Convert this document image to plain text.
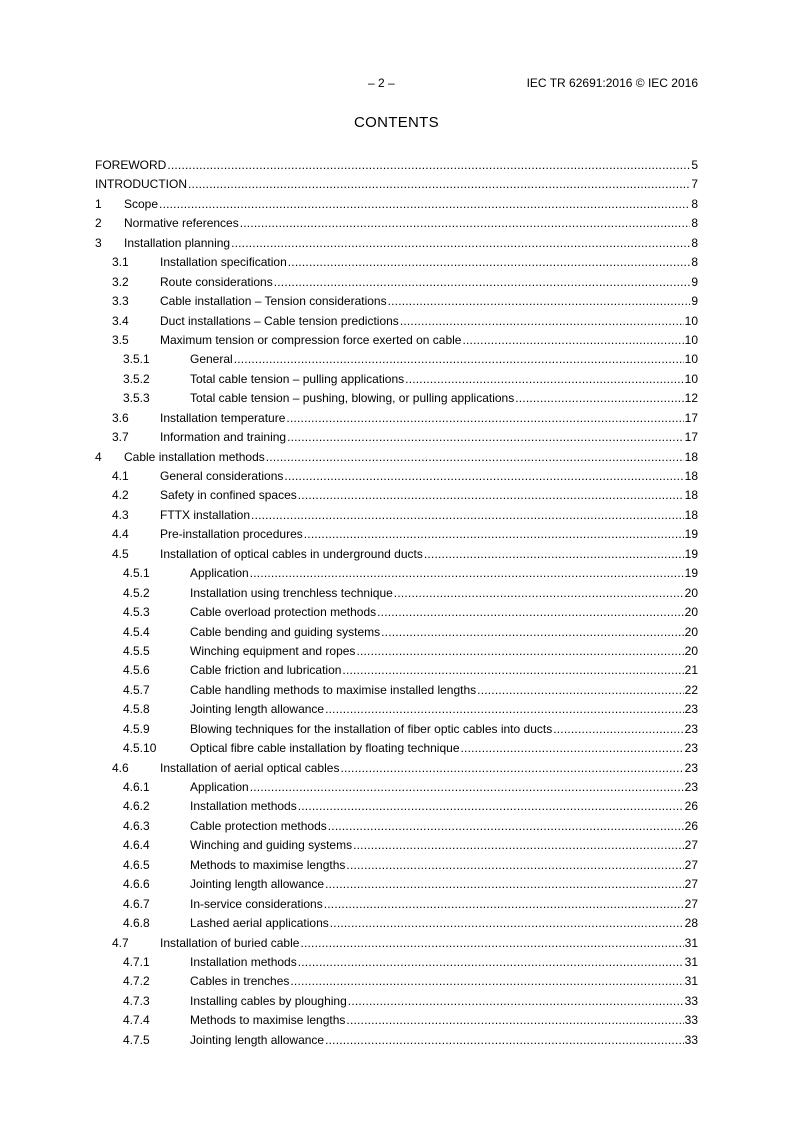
– 2 –	IEC TR 62691:2016 © IEC 2016
CONTENTS
FOREWORD .....	5
INTRODUCTION .....	7
1	Scope .....	8
2	Normative references .....	8
3	Installation planning .....	8
3.1	Installation specification .....	8
3.2	Route considerations .....	9
3.3	Cable installation – Tension considerations .....	9
3.4	Duct installations – Cable tension predictions .....	10
3.5	Maximum tension or compression force exerted on cable .....	10
3.5.1	General .....	10
3.5.2	Total cable tension – pulling applications .....	10
3.5.3	Total cable tension – pushing, blowing, or pulling applications .....	12
3.6	Installation temperature .....	17
3.7	Information and training .....	17
4	Cable installation methods .....	18
4.1	General considerations .....	18
4.2	Safety in confined spaces .....	18
4.3	FTTX installation .....	18
4.4	Pre-installation procedures .....	19
4.5	Installation of optical cables in underground ducts .....	19
4.5.1	Application .....	19
4.5.2	Installation using trenchless technique .....	20
4.5.3	Cable overload protection methods .....	20
4.5.4	Cable bending and guiding systems .....	20
4.5.5	Winching equipment and ropes .....	20
4.5.6	Cable friction and lubrication .....	21
4.5.7	Cable handling methods to maximise installed lengths .....	22
4.5.8	Jointing length allowance .....	23
4.5.9	Blowing techniques for the installation of fiber optic cables into ducts .....	23
4.5.10	Optical fibre cable installation by floating technique .....	23
4.6	Installation of aerial optical cables .....	23
4.6.1	Application .....	23
4.6.2	Installation methods .....	26
4.6.3	Cable protection methods .....	26
4.6.4	Winching and guiding systems .....	27
4.6.5	Methods to maximise lengths .....	27
4.6.6	Jointing length allowance .....	27
4.6.7	In-service considerations .....	27
4.6.8	Lashed aerial applications .....	28
4.7	Installation of buried cable .....	31
4.7.1	Installation methods .....	31
4.7.2	Cables in trenches .....	31
4.7.3	Installing cables by ploughing .....	33
4.7.4	Methods to maximise lengths .....	33
4.7.5	Jointing length allowance .....	33
